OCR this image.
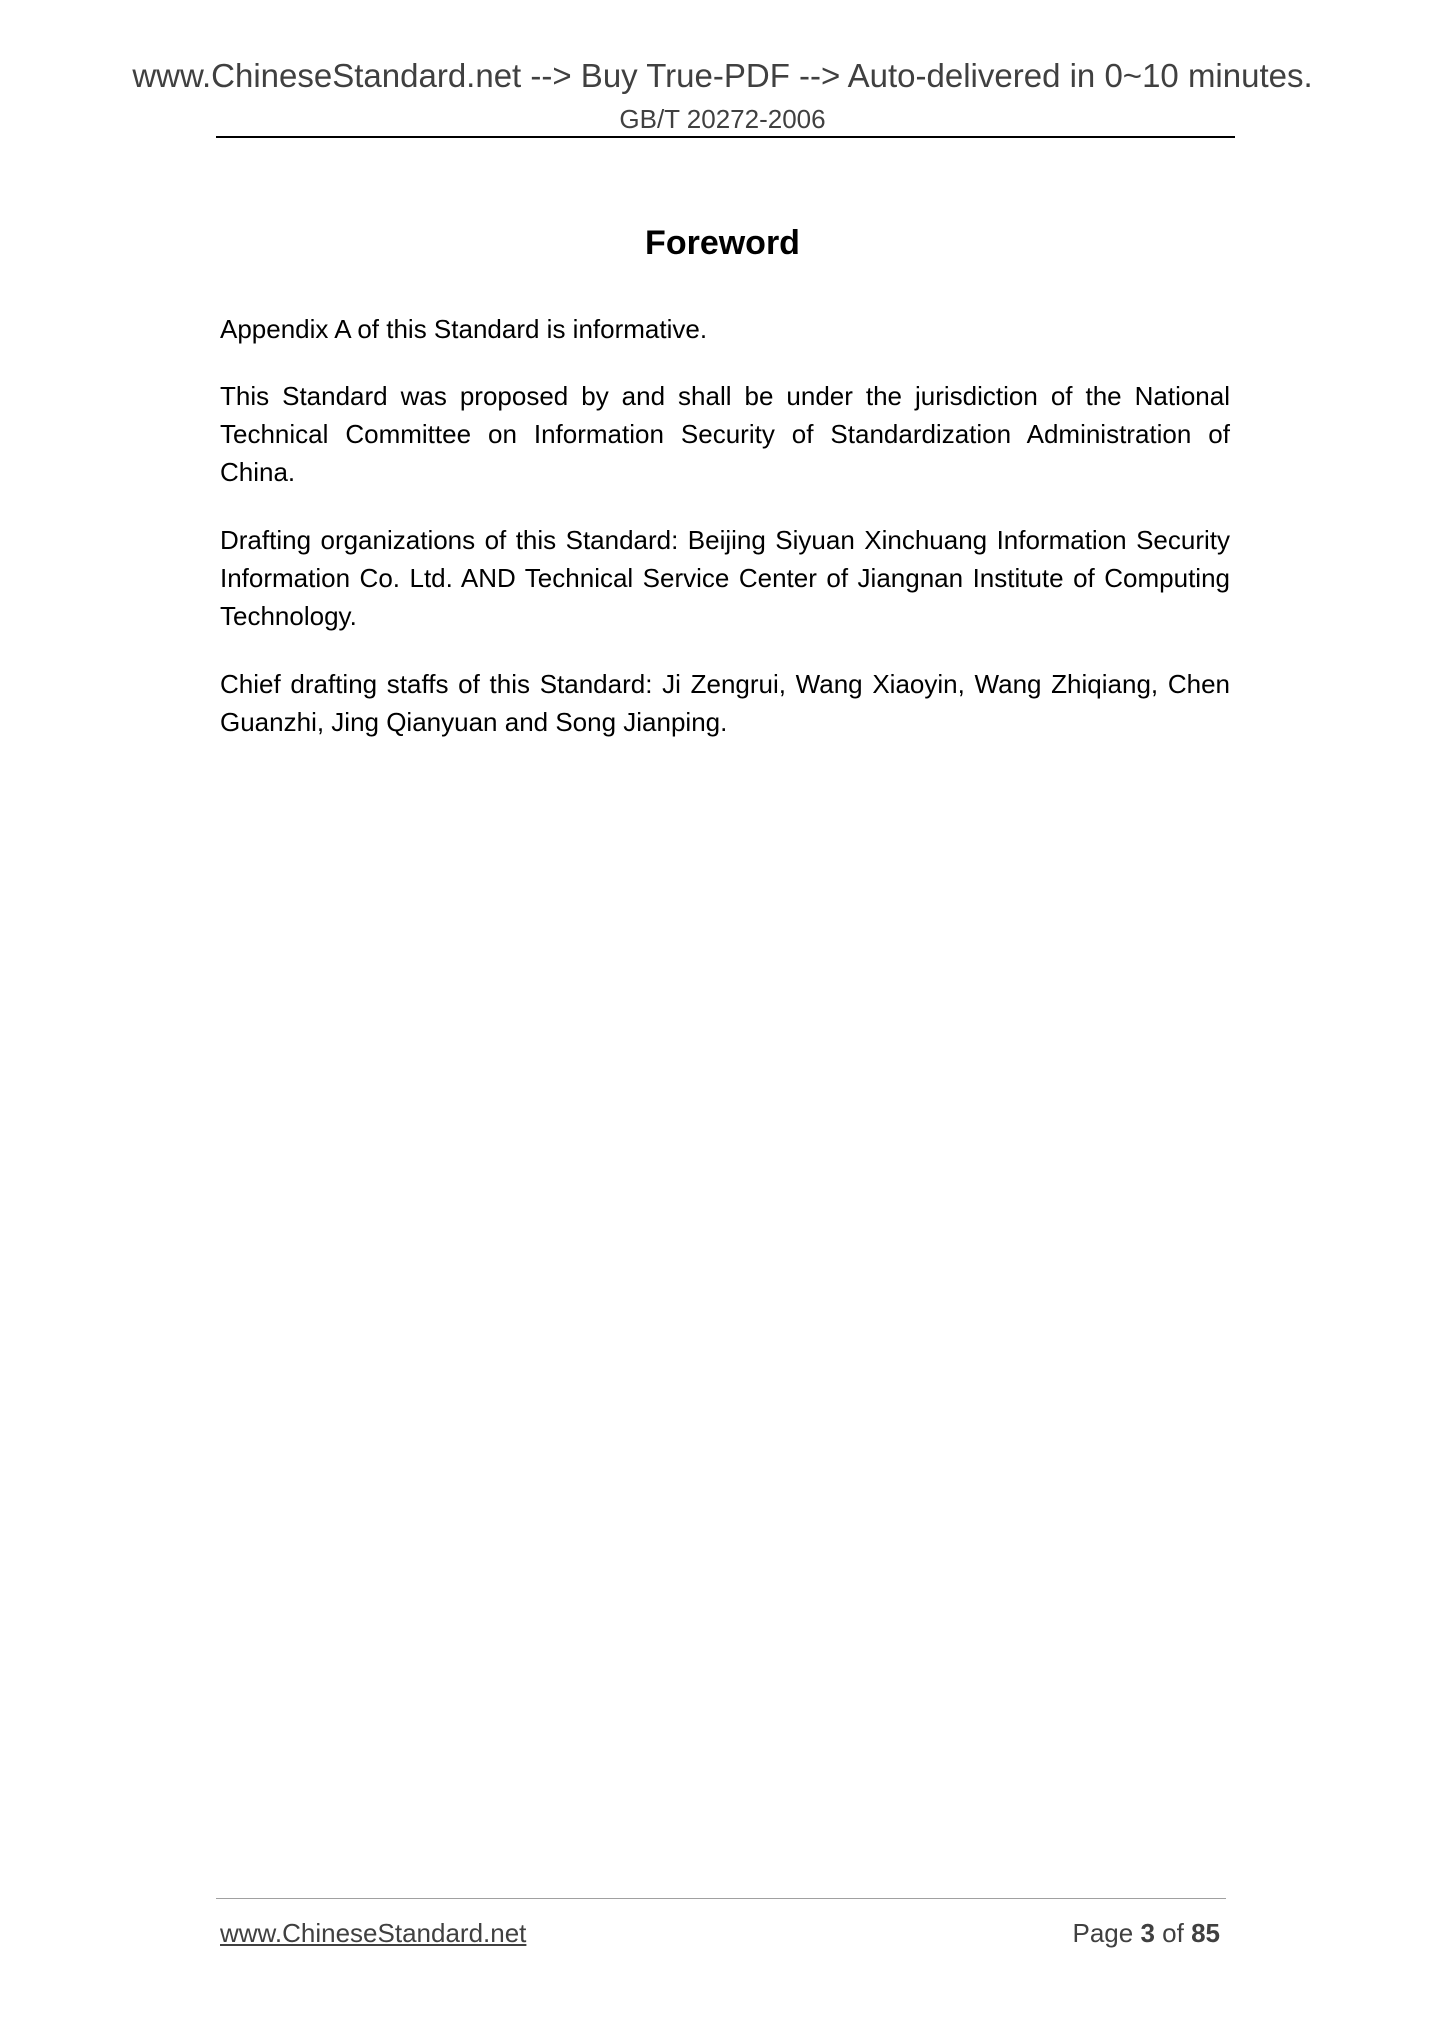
www.ChineseStandard.net --> Buy True-PDF --> Auto-delivered in 0~10 minutes.
GB/T 20272-2006
Foreword

Appendix A of this Standard is informative.

This Standard was proposed by and shall be under the jurisdiction of the National Technical Committee on Information Security of Standardization Administration of China.

Drafting organizations of this Standard: Beijing Siyuan Xinchuang Information Security Information Co. Ltd. AND Technical Service Center of Jiangnan Institute of Computing Technology.

Chief drafting staffs of this Standard: Ji Zengrui, Wang Xiaoyin, Wang Zhiqiang, Chen Guanzhi, Jing Qianyuan and Song Jianping.

www.ChineseStandard.net	Page 3 of 85
